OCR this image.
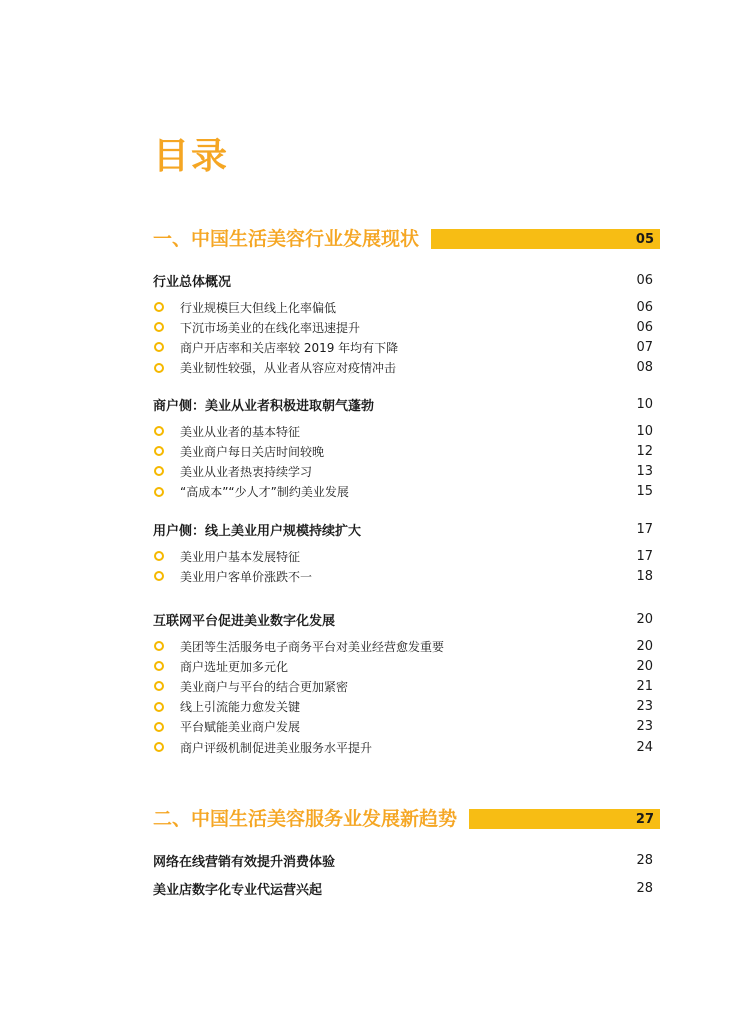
目录
一、中国生活美容行业发展现状	05
行业总体概况	06
行业规模巨大但线上化率偏低	06
下沉市场美业的在线化率迅速提升	06
商户开店率和关店率较 2019 年均有下降	07
美业韧性较强，从业者从容应对疫情冲击	08
商户侧：美业从业者积极进取朝气蓬勃	10
美业从业者的基本特征	10
美业商户每日关店时间较晚	12
美业从业者热衷持续学习	13
“高成本”“少人才”制约美业发展	15
用户侧：线上美业用户规模持续扩大	17
美业用户基本发展特征	17
美业用户客单价涨跌不一	18
互联网平台促进美业数字化发展	20
美团等生活服务电子商务平台对美业经营愈发重要	20
商户选址更加多元化	20
美业商户与平台的结合更加紧密	21
线上引流能力愈发关键	23
平台赋能美业商户发展	23
商户评级机制促进美业服务水平提升	24
二、中国生活美容服务业发展新趋势	27
网络在线营销有效提升消费体验	28
美业店数字化专业代运营兴起	28
